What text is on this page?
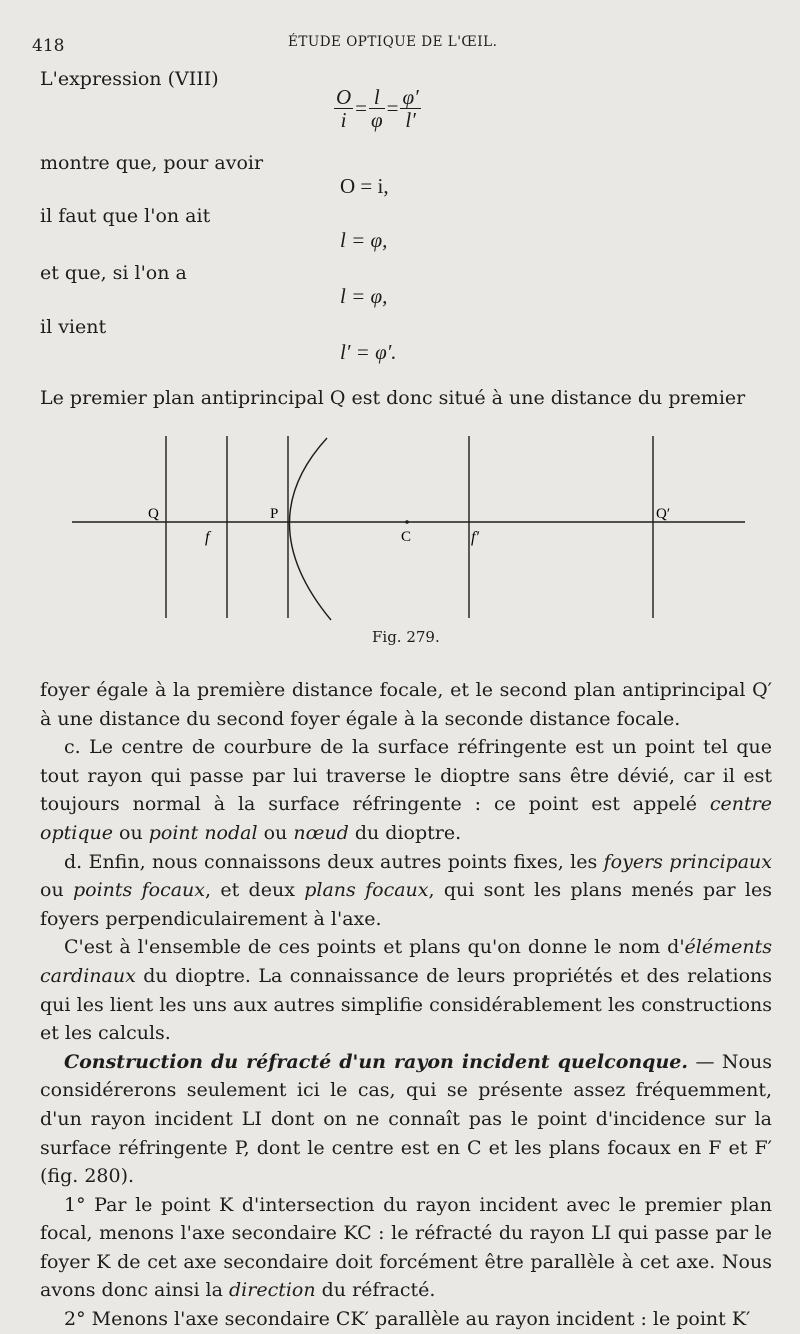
418	ÉTUDE OPTIQUE DE L'ŒIL.
L'expression (VIII)
$\frac{O}{i} = \frac{l}{\varphi} = \frac{\varphi'}{l'}$
montre que, pour avoir
O = i,
il faut que l'on ait
l = φ,
et que, si l'on a
l = φ,
il vient
l′ = φ′.

Le premier plan antiprincipal Q est donc situé à une distance du premier

Q
f
P
C	f′
Q′
Fig. 279.

foyer égale à la première distance focale, et le second plan antiprincipal Q′ à une distance du second foyer égale à la seconde distance focale.

c. Le centre de courbure de la surface réfringente est un point tel que tout rayon qui passe par lui traverse le dioptre sans être dévié, car il est toujours normal à la surface réfringente : ce point est appelé centre optique ou point nodal ou nœud du dioptre.

d. Enfin, nous connaissons deux autres points fixes, les foyers principaux ou points focaux, et deux plans focaux, qui sont les plans menés par les foyers perpendiculairement à l'axe.

C'est à l'ensemble de ces points et plans qu'on donne le nom d'éléments cardinaux du dioptre. La connaissance de leurs propriétés et des relations qui les lient les uns aux autres simplifie considérablement les constructions et les calculs.

Construction du réfracté d'un rayon incident quelconque. — Nous considérerons seulement ici le cas, qui se présente assez fréquemment, d'un rayon incident LI dont on ne connaît pas le point d'incidence sur la surface réfringente P, dont le centre est en C et les plans focaux en F et F′ (fig. 280).

1° Par le point K d'intersection du rayon incident avec le premier plan focal, menons l'axe secondaire KC : le réfracté du rayon LI qui passe par le foyer K de cet axe secondaire doit forcément être parallèle à cet axe. Nous avons donc ainsi la direction du réfracté.

2° Menons l'axe secondaire CK′ parallèle au rayon incident : le point K′
